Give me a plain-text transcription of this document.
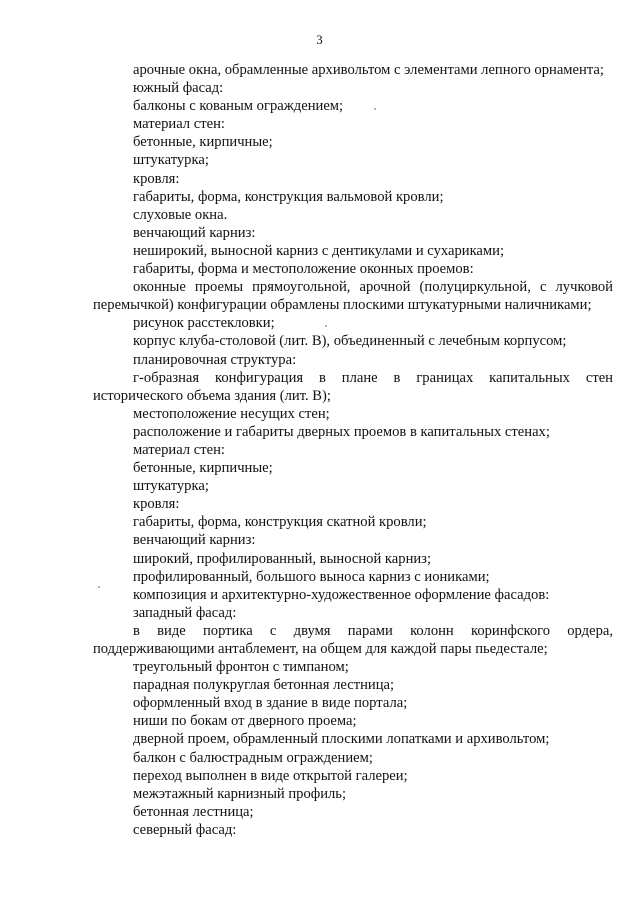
3

арочные окна, обрамленные архивольтом с элементами лепного орнамента;

южный фасад:

балконы с кованым ограждением;

материал стен:

бетонные, кирпичные;

штукатурка;

кровля:

габариты, форма, конструкция вальмовой кровли;

слуховые окна.

венчающий карниз:

неширокий, выносной карниз с дентикулами и сухариками;

габариты, форма и местоположение оконных проемов:

оконные проемы прямоугольной, арочной (полуциркульной, с лучковой перемычкой) конфигурации обрамлены плоскими штукатурными наличниками;

рисунок расстекловки;

корпус клуба-столовой (лит. В), объединенный с лечебным корпусом;

планировочная структура:

г-образная конфигурация в плане в границах капитальных стен исторического объема здания (лит. В);

местоположение несущих стен;

расположение и габариты дверных проемов в капитальных стенах;

материал стен:

бетонные, кирпичные;

штукатурка;

кровля:

габариты, форма, конструкция скатной кровли;

венчающий карниз:

широкий, профилированный, выносной карниз;

профилированный, большого выноса карниз с иониками;

композиция и архитектурно-художественное оформление фасадов:

западный фасад:

в виде портика с двумя парами колонн коринфского ордера, поддерживающими антаблемент, на общем для каждой пары пьедестале;

треугольный фронтон с тимпаном;

парадная полукруглая бетонная лестница;

оформленный вход в здание в виде портала;

ниши по бокам от дверного проема;

дверной проем, обрамленный плоскими лопатками и архивольтом;

балкон с балюстрадным ограждением;

переход выполнен в виде открытой галереи;

межэтажный карнизный профиль;

бетонная лестница;

северный фасад:
